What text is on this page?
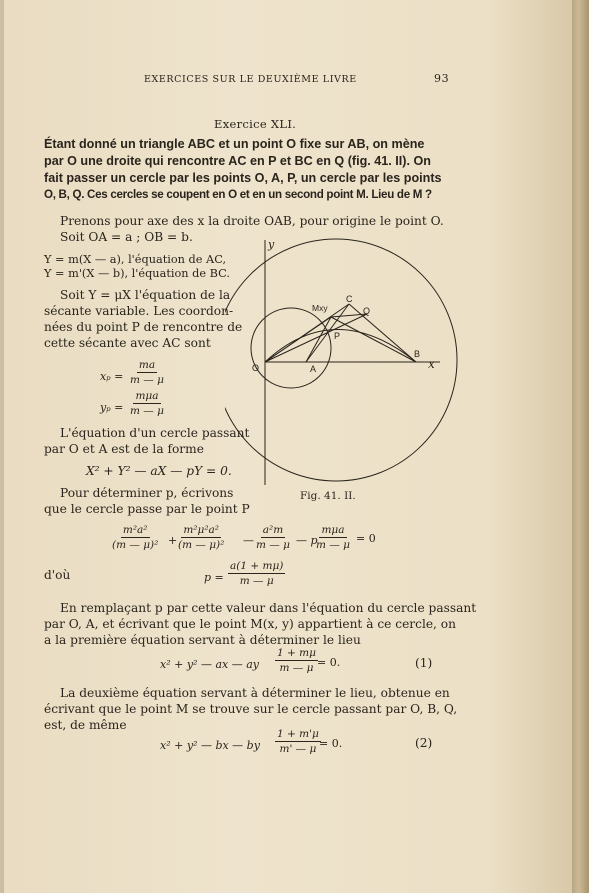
EXERCICES SUR LE DEUXIÈME LIVRE	93
Exercice XLI.
Étant donné un triangle ABC et un point O fixe sur AB, on mène
par O une droite qui rencontre AC en P et BC en Q (fig. 41. II). On
fait passer un cercle par les points O, A, P, un cercle par les points
O, B, Q. Ces cercles se coupent en O et en un second point M. Lieu de M ?
Prenons pour axe des x la droite OAB, pour origine le point O.
Soit OA = a ; OB = b.
Y = m(X — a), l'équation de AC,
Y = m'(X — b), l'équation de BC.
Soit Y = μX l'équation de la
sécante variable. Les coordon-
nées du point P de rencontre de
cette sécante avec AC sont
$x_p = \frac{ma}{m — \mu}$
yₚ =
mμa
m — μ
L'équation d'un cercle passant
par O et A est de la forme
X² + Y² — aX — pY = 0.
Pour déterminer p, écrivons
que le cercle passe par le point P
$\frac{\text{m²a²}}{\text{(m — μ)²}} + \frac{\text{m²μ²a²}}{\text{(m — μ)²}}$ — $\frac{\text{a²m}}{m — \mu}$ — p
mμa
m — μ = 0
d'où	$p = \frac{a(1 + m\mu)}{m — \mu}$
En remplaçant p par cette valeur dans l'équation du cercle passant
par O, A, et écrivant que le point M(x, y) appartient à ce cercle, on
a la première équation servant à déterminer le lieu
x² + y² — ax — ay $\frac{1 + m\mu}{m — \mu} = 0$.	(1)
La deuxième équation servant à déterminer le lieu, obtenue en
écrivant que le point M se trouve sur le cercle passant par O, B, Q,
est, de même
x² + y² — bx — by $\frac{1 + m'\mu}{m' — \mu}$
= 0.	(2)
y
x
O	A
B
C
P
Q
Mxy
Fig. 41. II.
